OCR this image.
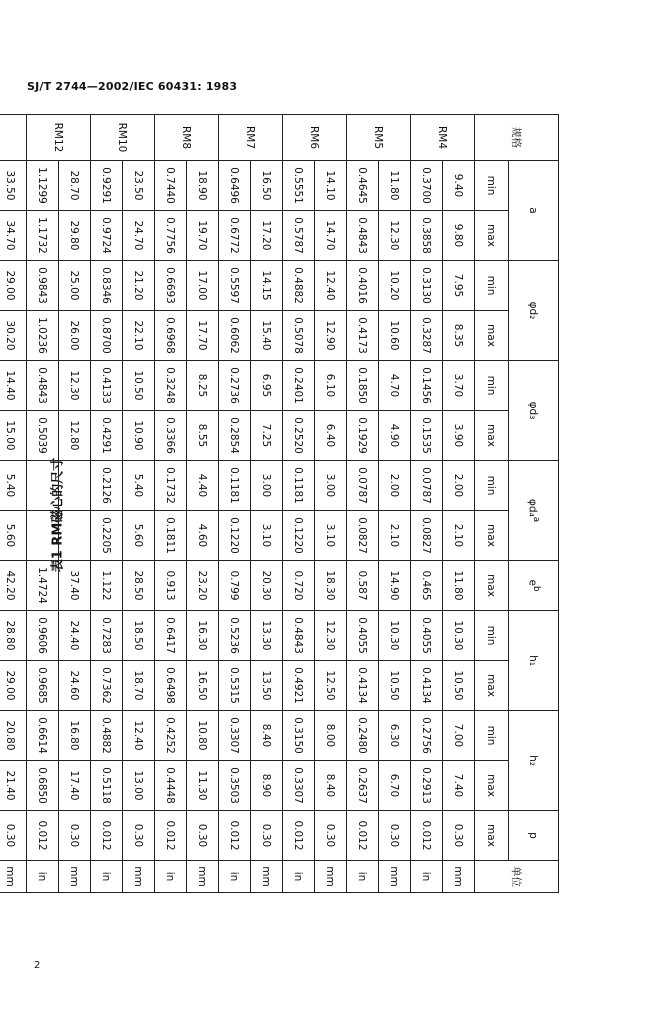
SJ/T 2744—2002/IEC 60431: 1983
表1 RM磁心的尺寸
规格	a		φd₂		φd₃		φd₄$^a$		$e^b$	h₁		h₂		p	单位
	min	max	min	max	min	max	min	max	max	min	max	min	max	max	
RM4	9.40	9.80	7.95	8.35	3.70	3.90	2.00	2.10	11.80	10.30	10.50	7.00	7.40	0.30	mm
	0.3700	0.3858	0.3130	0.3287	0.1456	0.1535	0.0787	0.0827	0.465	0.4055	0.4134	0.2756	0.2913	0.012	in
RM5	11.80	12.30	10.20	10.60	4.70	4.90	2.00	2.10	14.90	10.30	10.50	6.30	6.70	0.30	mm
	0.4645	0.4843	0.4016	0.4173	0.1850	0.1929	0.0787	0.0827	0.587	0.4055	0.4134	0.2480	0.2637	0.012	in
RM6	14.10	14.70	12.40	12.90	6.10	6.40	3.00	3.10	18.30	12.30	12.50	8.00	8.40	0.30	mm
	0.5551	0.5787	0.4882	0.5078	0.2401	0.2520	0.1181	0.1220	0.720	0.4843	0.4921	0.3150	0.3307	0.012	in
RM7	16.50	17.20	14.15	15.40	6.95	7.25	3.00	3.10	20.30	13.30	13.50	8.40	8.90	0.30	mm
	0.6496	0.6772	0.5597	0.6062	0.2736	0.2854	0.1181	0.1220	0.799	0.5236	0.5315	0.3307	0.3503	0.012	in
RM8	18.90	19.70	17.00	17.70	8.25	8.55	4.40	4.60	23.20	16.30	16.50	10.80	11.30	0.30	mm
	0.7440	0.7756	0.6693	0.6968	0.3248	0.3366	0.1732	0.1811	0.913	0.6417	0.6498	0.4252	0.4448	0.012	in
RM10	23.50	24.70	21.20	22.10	10.50	10.90	5.40	5.60	28.50	18.50	18.70	12.40	13.00	0.30	mm
	0.9291	0.9724	0.8346	0.8700	0.4133	0.4291	0.2126	0.2205	1.122	0.7283	0.7362	0.4882	0.5118	0.012	in
RM12	28.70	29.80	25.00	26.00	12.30	12.80			37.40	24.40	24.60	16.80	17.40	0.30	mm
	1.1299	1.1732	0.9843	1.0236	0.4843	0.5039			1.4724	0.9606	0.9685	0.6614	0.6850	0.012	in
	33.50	34.70	29.00	30.20	14.40	15.00	5.40	5.60	42.20	28.80	29.00	20.80	21.40	0.30	mm

2
